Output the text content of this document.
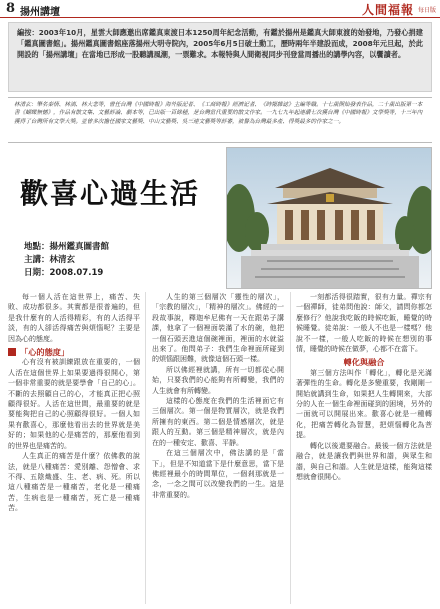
8 揚州講壇	人間福報 每日版

編按：2003年10月，星雲大師應邀出席鑑真東渡日本1250周年紀念活動，有鑑於揚州是鑑真大師東渡的始發地，乃發心捐建「鑑真圖書館」。揚州鑑真圖書館座落揚州大明寺院內，2005年6月5日破土動工，歷時兩年半建設而成，2008年元旦起，於此開設的「揚州講壇」在當地已形成一股聽講風潮，一票難求。本報特與人間衛視同步刊登當周播出的講學內容，以饗讀者。

林清玄：筆名秦情、林漓、林大悲等，曾任台灣《中國時報》海外版記者、《工商時報》經濟記者、《時報雜誌》主編等職。十七歲開始發表作品，二十歲出版第一本書《蝴蝶無憾》，作品有散文集、文藝評論、劇本等，已出版一百餘種，是台灣當代重要的散文作家。一九七九年起連續七次獲台灣《中國時報》文學獎等，十三年內獲得了台灣所有文學大獎。並曾多次擔任國家文藝獎、中山文藝獎、吳三連文藝獎等評審，被譽為台灣最多產、得獎最多的作家之一。

歡喜心過生活
地點：揚州鑑真圖書館
主講：林清玄
日期：2008.07.19

每一個人活在這世界上，痛苦、失敗、成功都很多。其實都是很普遍的，但是我什麼有的人活得精彩，有的人活得平淡，有的人卻活得痛苦與煩惱呢？主要是因為心的態度。

「心的態度」

心有沒有被訓練跟放在重要的，一個人活在這個世界上如果要過得很開心，第一個非常重要的就是要學會「自己的心」。不斷的去照顧自己的心，才能真正把心照顧得很好。人活在這世間，最重要的就是要能夠把自己的心照顧得很好。一個人如果有歡喜心，那麼他看出去的世界就是美好的；如果他的心是痛苦的，那麼他看到的世界也是痛苦的。

人生真正的痛苦是什麼？依佛教的說法，就是八種痛苦：愛別離、怨憎會、求不得、五陰熾盛、生、老、病、死。所以這八種痛苦是一種痛苦，老化是一種痛苦，生病也是一種痛苦，死亡是一種痛苦。

人生的第三個層次「靈性的層次」，「宗教的層次」，「精神的層次」。佛經的一段故事說，釋迦牟尼佛有一天在跟弟子講課，他拿了一個裡面裝滿了水的碗，他把一個石頭丟進這個碗裡面，裡面的水就溢出來了。他問弟子：我們生命裡面所碰到的煩惱跟困難，就像這個石頭一樣。

所以佛經裡就講，所有一切都從心開始，只要我們的心能夠有所轉變，我們的人生就會有所轉變。

這樣的心態度在我們的生活裡面它有三個層次。第一個是物質層次，就是我們所擁有的東西。第二個是情感層次，就是跟人的互動。第三個是精神層次，就是內在的一種安定、歡喜、平靜。

在這三個層次中，佛法講的是「當下」，但是不知道當下是什麼意思，當下是佛經裡最小的時間單位，一個剎那就是一念，一念之間可以改變我們的一生。這是非常重要的。

一刻都活得很踏實，很有力量。禪宗有一個禪師，徒弟問他說：師父，請問你都怎麼修行？他說我吃飯的時候吃飯，睡覺的時候睡覺。徒弟說：一般人不也是一樣嗎？他說不一樣，一般人吃飯的時候在想別的事情，睡覺的時候在做夢，心都不在當下。

轉化與融合

第三個方法叫作「轉化」，轉化是光滿著彈性的生命。轉化是多變重要，我剛剛一開始就講到生命，如果把人生轉開來，大部分的人在一個生命裡面碰到的困境，另外的一面就可以開展出來。歡喜心就是一種轉化，把痛苦轉化為智慧，把煩惱轉化為菩提。

轉化以後還要融合。最後一個方法就是融合，就是讓我們與世界和諧，與眾生和諧，與自己和諧。人生就是這樣，能夠這樣想就會很開心。
